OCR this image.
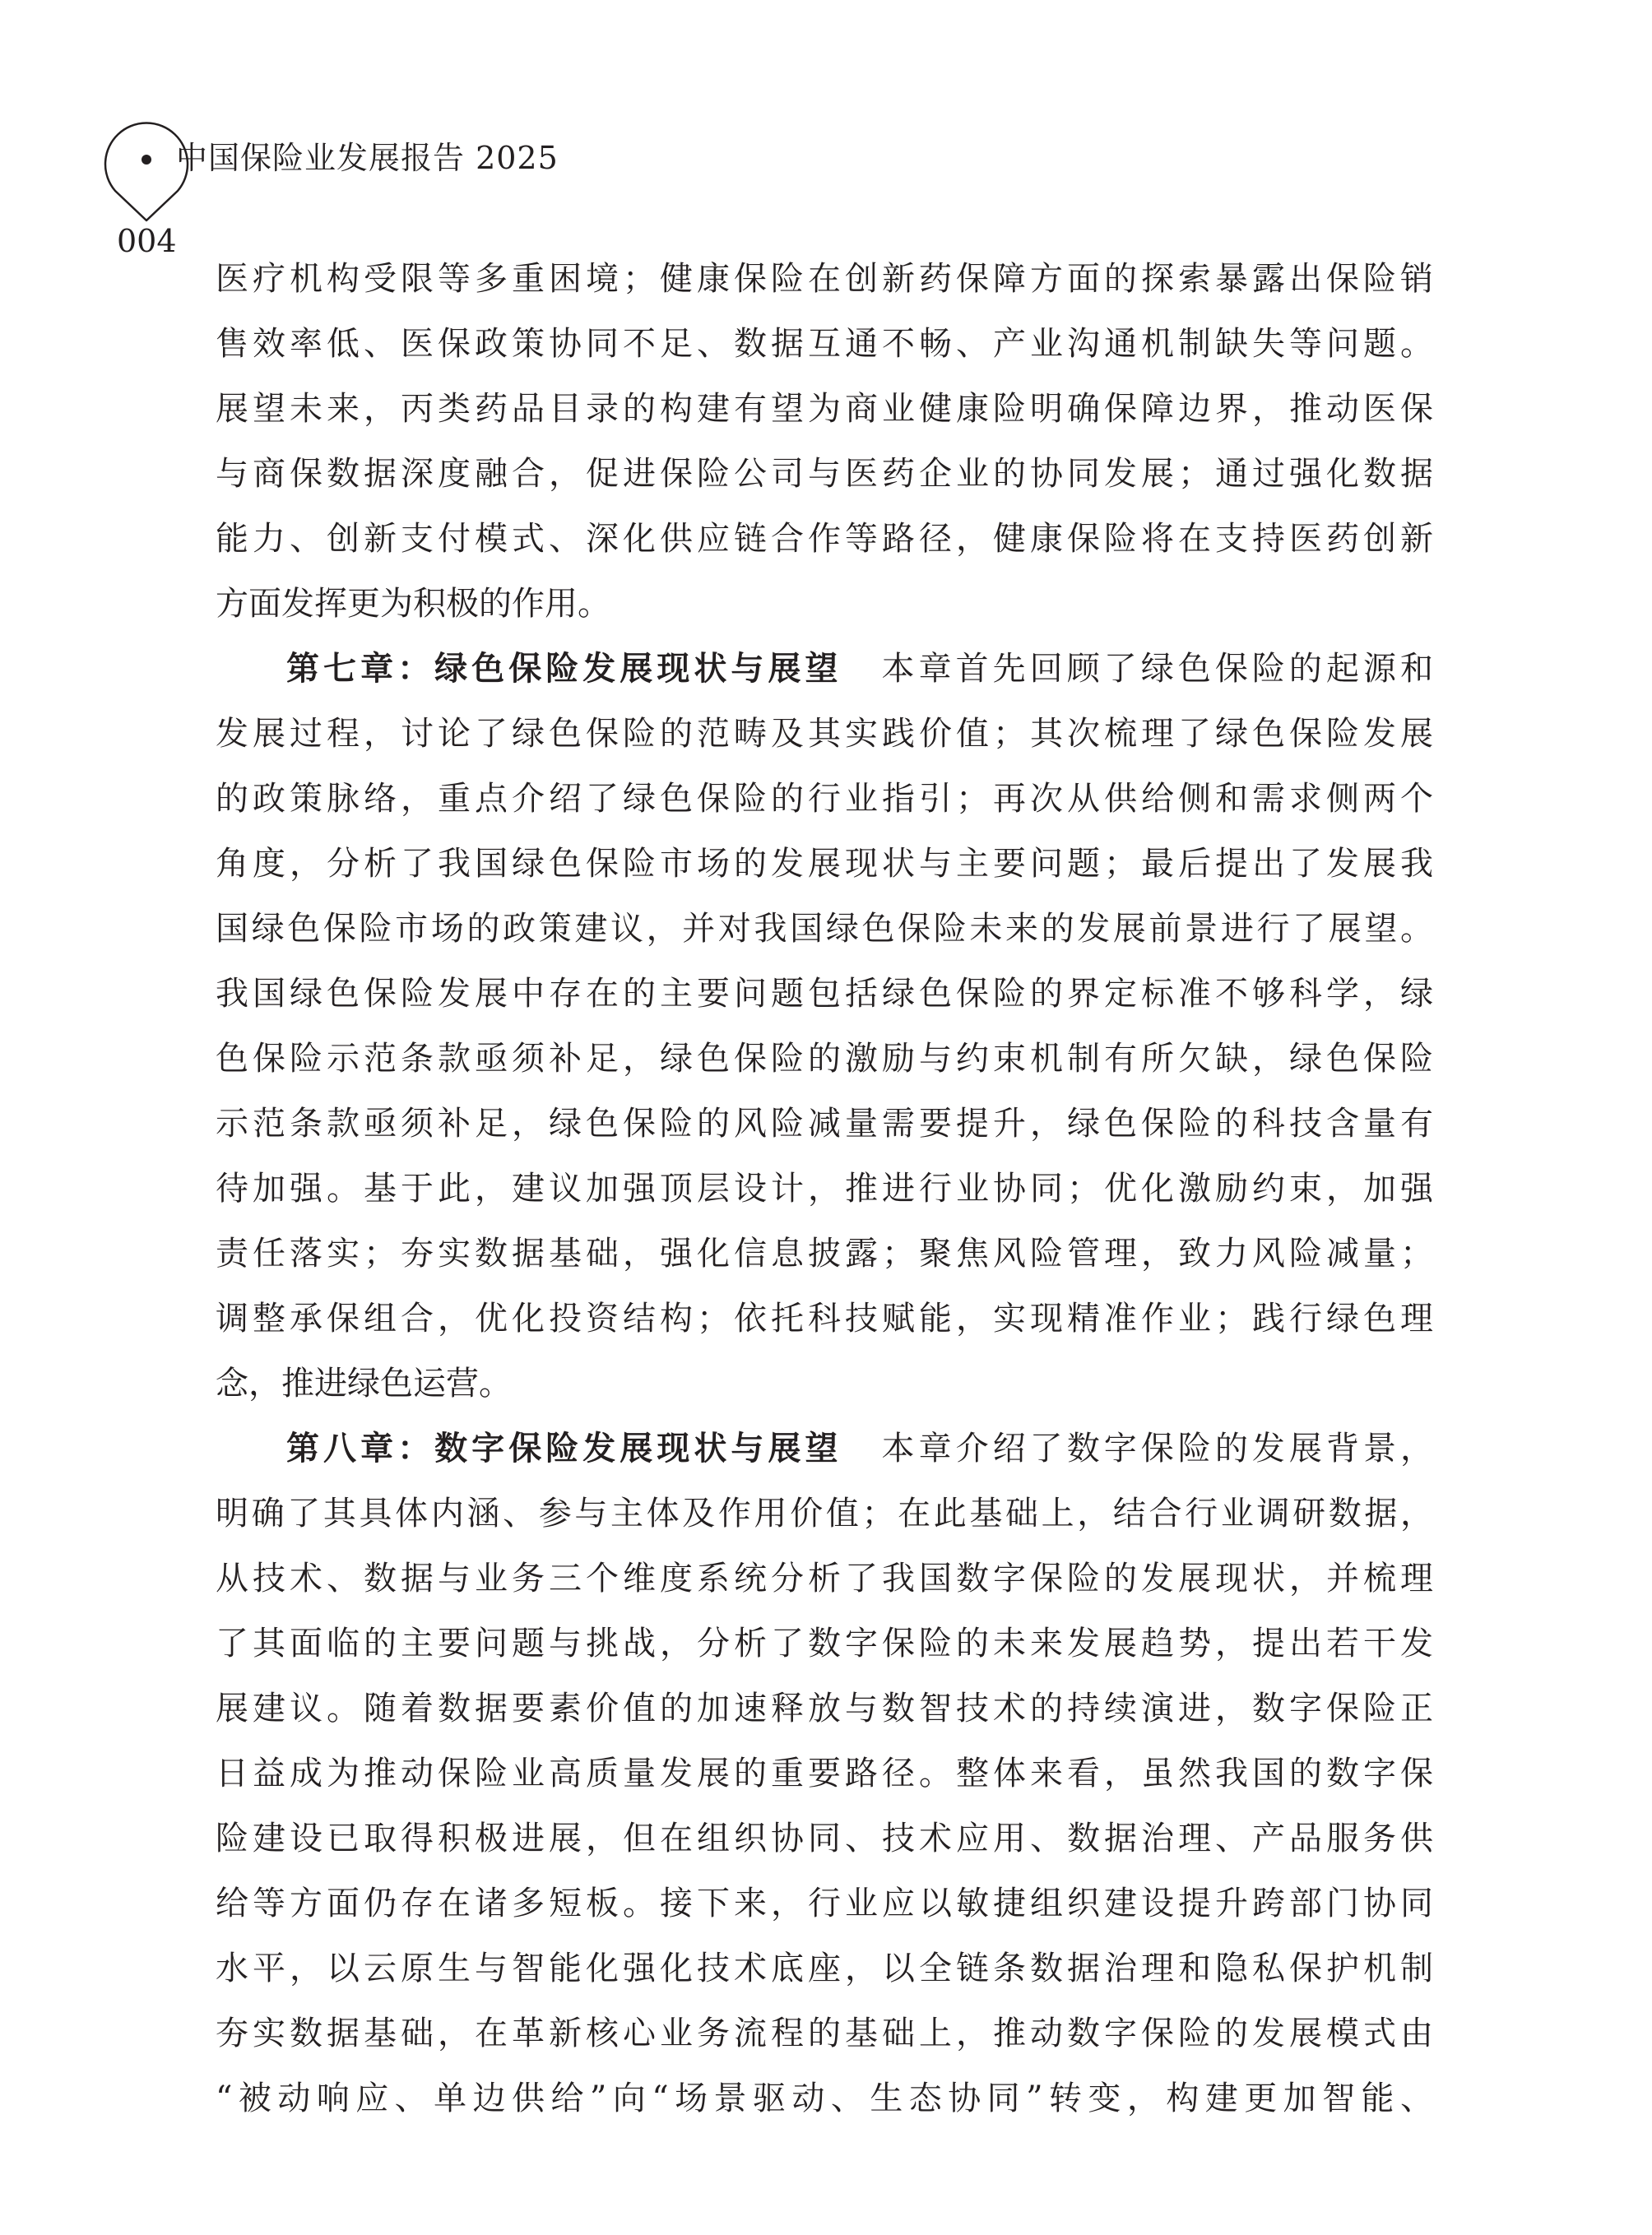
中国保险业发展报告 2025
004
医疗机构受限等多重困境；健康保险在创新药保障方面的探索暴露出保险销
售效率低、医保政策协同不足、数据互通不畅、产业沟通机制缺失等问题。
展望未来，丙类药品目录的构建有望为商业健康险明确保障边界，推动医保
与商保数据深度融合，促进保险公司与医药企业的协同发展；通过强化数据
能力、创新支付模式、深化供应链合作等路径，健康保险将在支持医药创新
方面发挥更为积极的作用。
第七章：绿色保险发展现状与展望 本章首先回顾了绿色保险的起源和
发展过程，讨论了绿色保险的范畴及其实践价值；其次梳理了绿色保险发展
的政策脉络，重点介绍了绿色保险的行业指引；再次从供给侧和需求侧两个
角度，分析了我国绿色保险市场的发展现状与主要问题；最后提出了发展我
国绿色保险市场的政策建议，并对我国绿色保险未来的发展前景进行了展望。
我国绿色保险发展中存在的主要问题包括绿色保险的界定标准不够科学，绿
色保险示范条款亟须补足，绿色保险的激励与约束机制有所欠缺，绿色保险
示范条款亟须补足，绿色保险的风险减量需要提升，绿色保险的科技含量有
待加强。基于此，建议加强顶层设计，推进行业协同；优化激励约束，加强
责任落实；夯实数据基础，强化信息披露；聚焦风险管理，致力风险减量；
调整承保组合，优化投资结构；依托科技赋能，实现精准作业；践行绿色理
念，推进绿色运营。
第八章：数字保险发展现状与展望 本章介绍了数字保险的发展背景，
明确了其具体内涵、参与主体及作用价值；在此基础上，结合行业调研数据，
从技术、数据与业务三个维度系统分析了我国数字保险的发展现状，并梳理
了其面临的主要问题与挑战，分析了数字保险的未来发展趋势，提出若干发
展建议。随着数据要素价值的加速释放与数智技术的持续演进，数字保险正
日益成为推动保险业高质量发展的重要路径。整体来看，虽然我国的数字保
险建设已取得积极进展，但在组织协同、技术应用、数据治理、产品服务供
给等方面仍存在诸多短板。接下来，行业应以敏捷组织建设提升跨部门协同
水平，以云原生与智能化强化技术底座，以全链条数据治理和隐私保护机制
夯实数据基础，在革新核心业务流程的基础上，推动数字保险的发展模式由
“被动响应、单边供给”向“场景驱动、生态协同”转变，构建更加智能、
